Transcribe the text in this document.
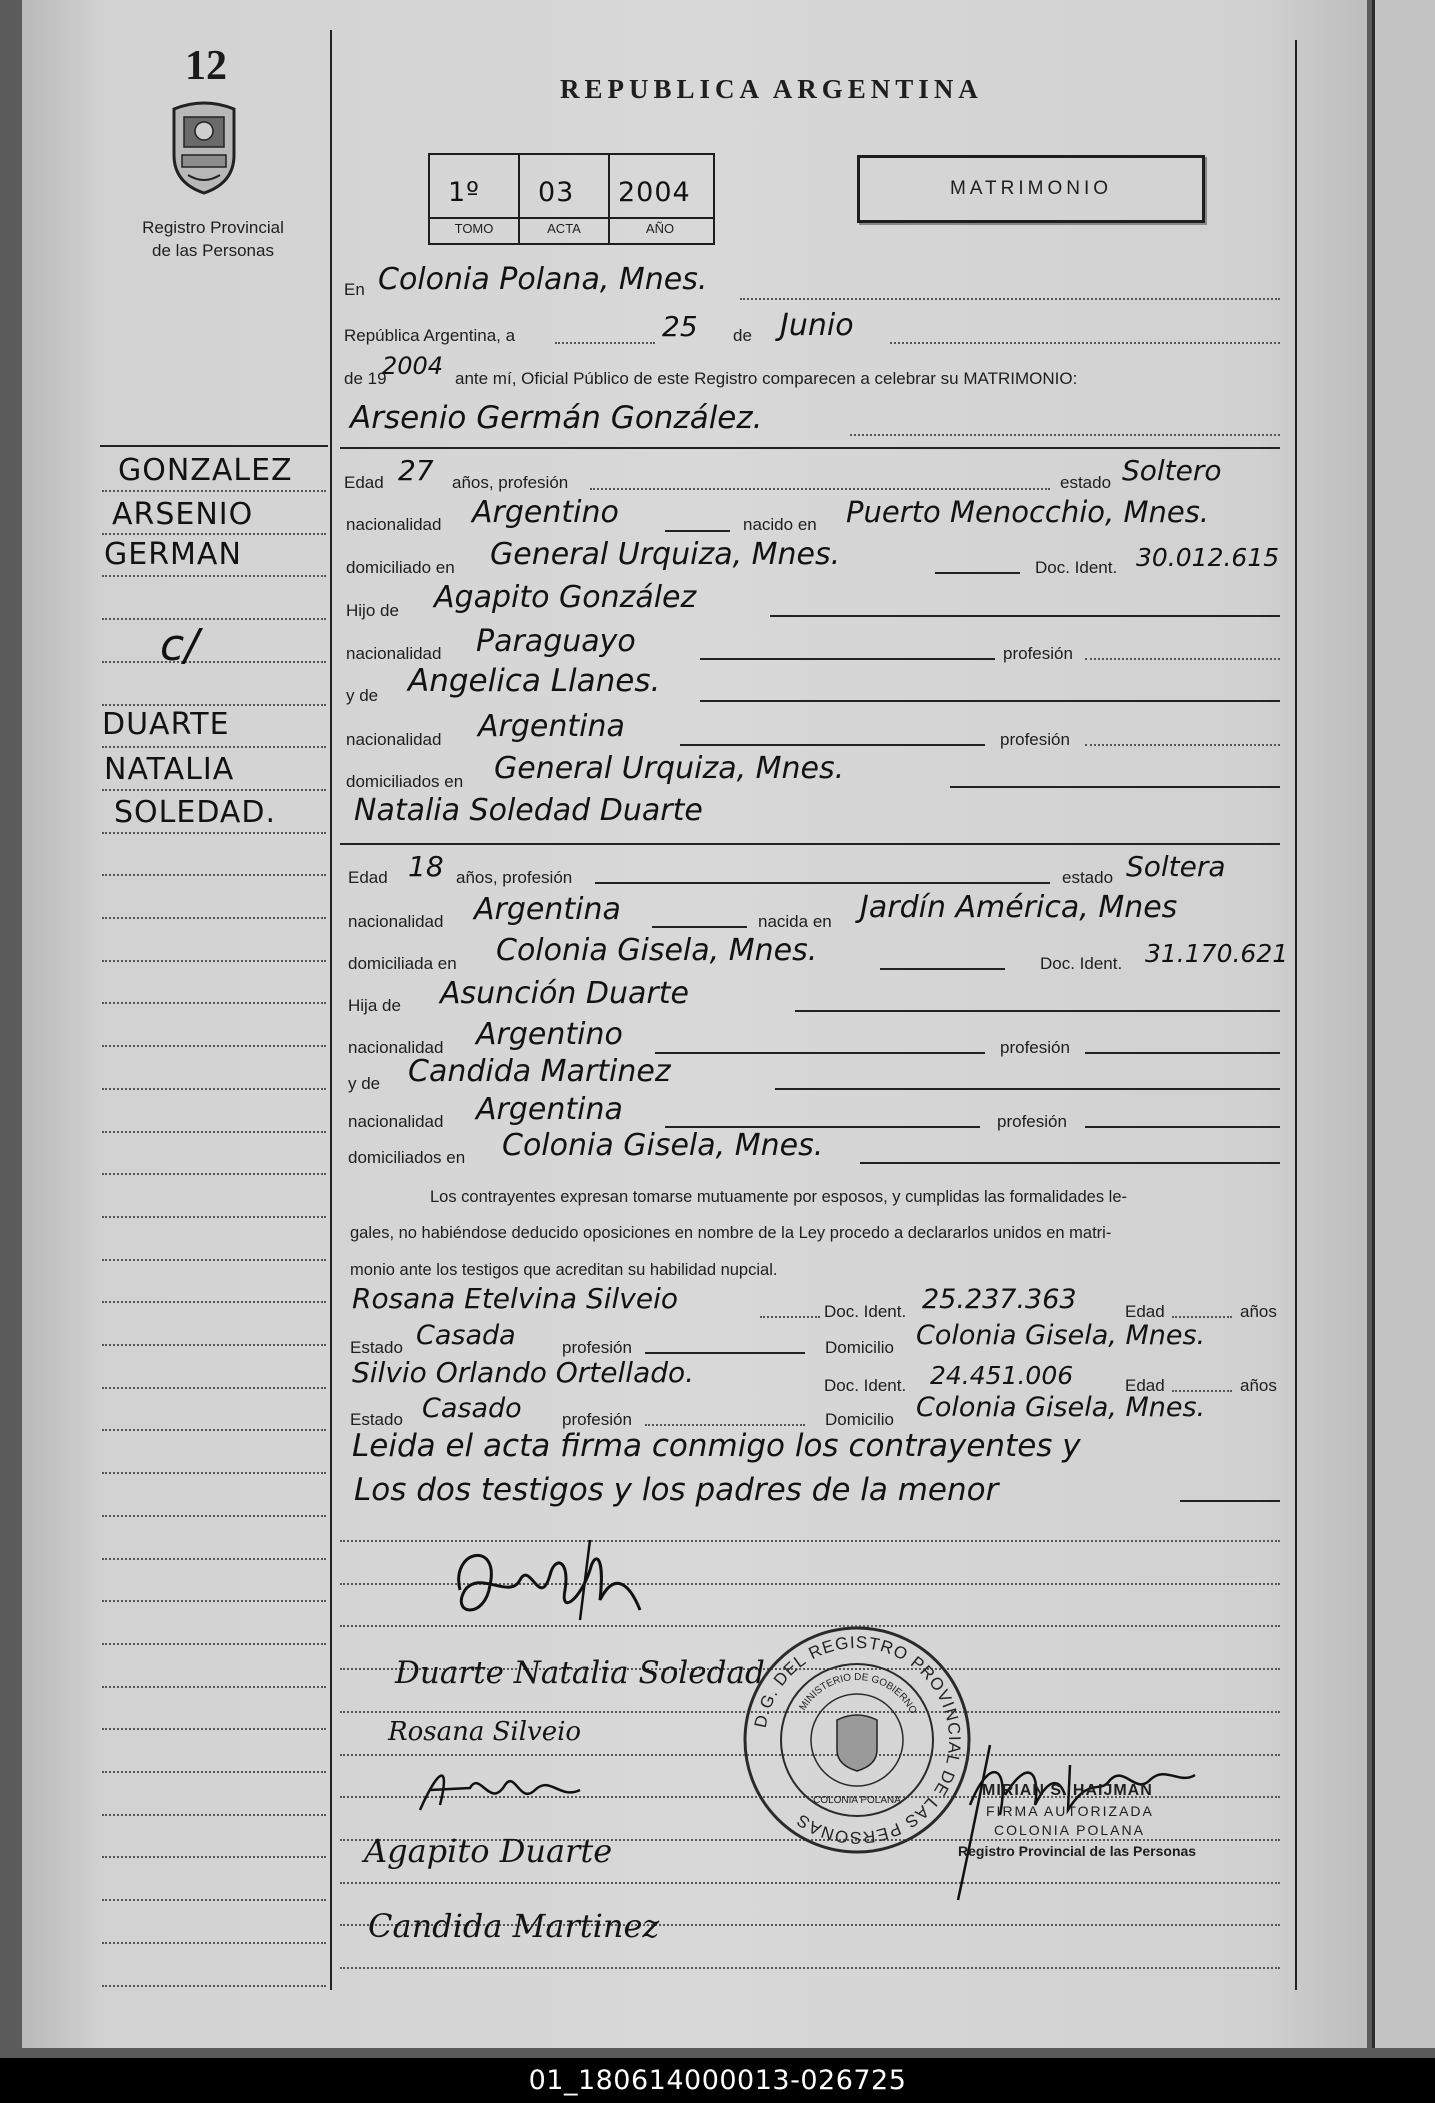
12
Registro Provincial
de las Personas
REPUBLICA ARGENTINA
1º 03 2004
TOMO	ACTA	AÑO
MATRIMONIO
GONZALEZ
ARSENIO
GERMAN
c/
DUARTE
NATALIA
SOLEDAD.
En Colonia Polana, Mnes.
República Argentina, a	25 de Junio
de 19
2004 ante mí, Oficial Público de este Registro comparecen a celebrar su MATRIMONIO:
Arsenio Germán González.
Edad 27 años, profesión	estado Soltero
nacionalidad Argentino	nacido en Puerto Menocchio, Mnes.
domiciliado en General Urquiza, Mnes.	Doc. Ident. 30.012.615
Hijo de Agapito González
nacionalidad Paraguayo	profesión
y de Angelica Llanes.
nacionalidad Argentina	profesión
domiciliados en General Urquiza, Mnes.
Natalia Soledad Duarte
Edad 18 años, profesión	estado Soltera
nacionalidad Argentina	nacida en Jardín América, Mnes
domiciliada en Colonia Gisela, Mnes.	Doc. Ident. 31.170.621
Hija de Asunción Duarte
nacionalidad Argentino	profesión
y de Candida Martinez
nacionalidad Argentina	profesión
domiciliados en Colonia Gisela, Mnes.
Los contrayentes expresan tomarse mutuamente por esposos, y cumplidas las formalidades le-
gales, no habiéndose deducido oposiciones en nombre de la Ley procedo a declararlos unidos en matri-
monio ante los testigos que acreditan su habilidad nupcial.
Rosana Etelvina Silveio	Doc. Ident. 25.237.363	Edad	años
Estado Casada	profesión	Domicilio Colonia Gisela, Mnes.
Silvio Orlando Ortellado.	Doc. Ident. 24.451.006	Edad	años
Estado Casado profesión	Domicilio Colonia Gisela, Mnes.
Leida el acta firma conmigo los contrayentes y
Los dos testigos y los padres de la menor
Duarte Natalia Soledad
Rosana Silveio
Agapito Duarte
Candida Martinez
D.G. DEL REGISTRO PROVINCIAL DE LAS PERSONAS
MINISTERIO DE GOBIERNO
COLONIA POLANA
MIRIAN S. HAIJMAN
FIRMA AUTORIZADA
COLONIA POLANA
Registro Provincial de las Personas
01_180614000013-026725
